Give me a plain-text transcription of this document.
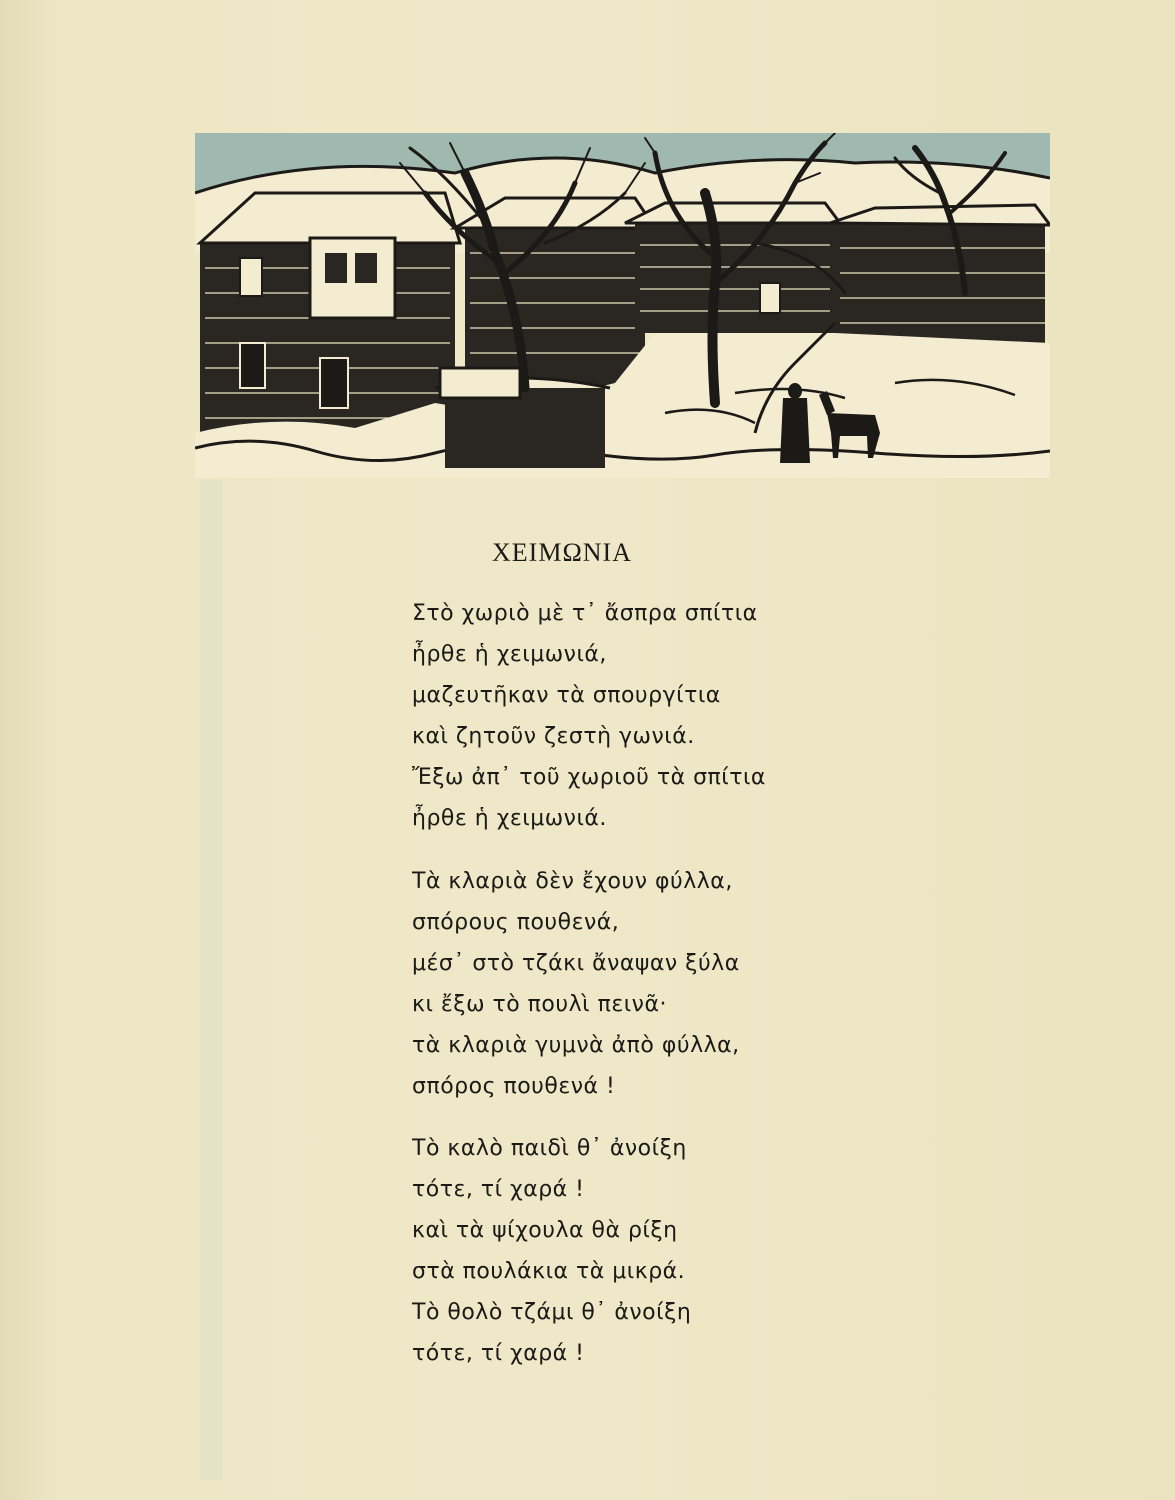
ΧΕΙΜΩΝΙΑ
Στὸ χωριὸ μὲ τ᾽ ἄσπρα σπίτια
ἦρθε ἡ χειμωνιά,
μαζευτῆκαν τὰ σπουργίτια
καὶ ζητοῦν ζεστὴ γωνιά.
Ἔξω ἀπ᾽ τοῦ χωριοῦ τὰ σπίτια
ἦρθε ἡ χειμωνιά.
Τὰ κλαριὰ δὲν ἔχουν φύλλα,
σπόρους πουθενά,
μέσ᾽ στὸ τζάκι ἄναψαν ξύλα
κι ἔξω τὸ πουλὶ πεινᾶ·
τὰ κλαριὰ γυμνὰ ἀπὸ φύλλα,
σπόρος πουθενά !
Τὸ καλὸ παιδὶ θ᾽ ἀνοίξη
τότε, τί χαρά !
καὶ τὰ ψίχουλα θὰ ρίξη
στὰ πουλάκια τὰ μικρά.
Τὸ θολὸ τζάμι θ᾽ ἀνοίξη
τότε, τί χαρά !
